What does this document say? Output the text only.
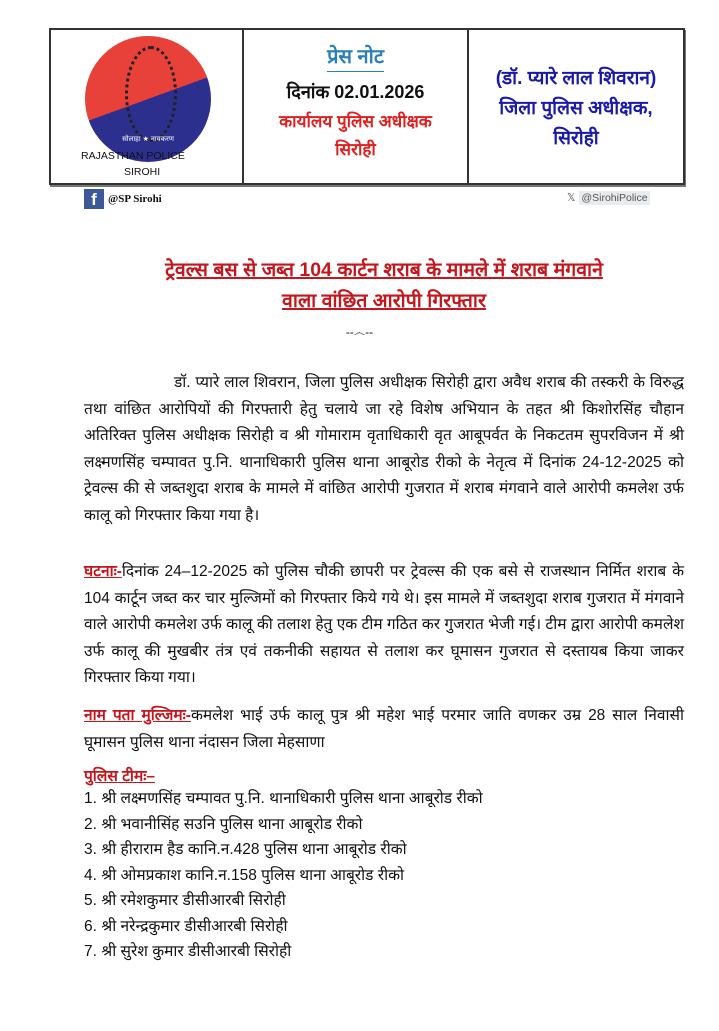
सोलाहा ★ नायकरण
RAJASTHAN POLICE
SIROHI
प्रेस नोट
दिनांक 02.01.2026
कार्यालय पुलिस अधीक्षक
सिरोही
(डॉ. प्यारे लाल शिवरान)
जिला पुलिस अधीक्षक,
सिरोही
f	@SP Sirohi	𝕏 @SirohiPolice
ट्रेवल्स बस से जब्त 104 कार्टन शराब के मामले में शराब मंगवाने
वाला वांछित आरोपी गिरफ्तार
--෴--
डॉ. प्यारे लाल शिवरान, जिला पुलिस अधीक्षक सिरोही द्वारा अवैध शराब की तस्करी के विरुद्ध तथा वांछित आरोपियों की गिरफ्तारी हेतु चलाये जा रहे विशेष अभियान के तहत श्री किशोरसिंह चौहान अतिरिक्त पुलिस अधीक्षक सिरोही व श्री गोमाराम वृताधिकारी वृत आबूपर्वत के निकटतम सुपरविजन में श्री लक्ष्मणसिंह चम्पावत पु.नि. थानाधिकारी पुलिस थाना आबूरोड रीको के नेतृत्व में दिनांक 24-12-2025 को ट्रेवल्स की से जब्तशुदा शराब के मामले में वांछित आरोपी गुजरात में शराब मंगवाने वाले आरोपी कमलेश उर्फ कालू को गिरफ्तार किया गया है।
घटनाः-दिनांक 24–12-2025 को पुलिस चौकी छापरी पर ट्रेवल्स की एक बसे से राजस्थान निर्मित शराब के 104 कार्टून जब्त कर चार मुल्जिमों को गिरफ्तार किये गये थे। इस मामले में जब्तशुदा शराब गुजरात में मंगवाने वाले आरोपी कमलेश उर्फ कालू की तलाश हेतु एक टीम गठित कर गुजरात भेजी गई। टीम द्वारा आरोपी कमलेश उर्फ कालू की मुखबीर तंत्र एवं तकनीकी सहायत से तलाश कर घूमासन गुजरात से दस्तायब किया जाकर गिरफ्तार किया गया।
नाम पता मुल्जिमः-कमलेश भाई उर्फ कालू पुत्र श्री महेश भाई परमार जाति वणकर उम्र 28 साल निवासी घूमासन पुलिस थाना नंदासन जिला मेहसाणा
पुलिस टीमः–
1. श्री लक्ष्मणसिंह चम्पावत पु.नि. थानाधिकारी पुलिस थाना आबूरोड रीको
2. श्री भवानीसिंह सउनि पुलिस थाना आबूरोड रीको
3. श्री हीराराम हैड कानि.न.428 पुलिस थाना आबूरोड रीको
4. श्री ओमप्रकाश कानि.न.158 पुलिस थाना आबूरोड रीको
5. श्री रमेशकुमार डीसीआरबी सिरोही
6. श्री नरेन्द्रकुमार डीसीआरबी सिरोही
7. श्री सुरेश कुमार डीसीआरबी सिरोही
